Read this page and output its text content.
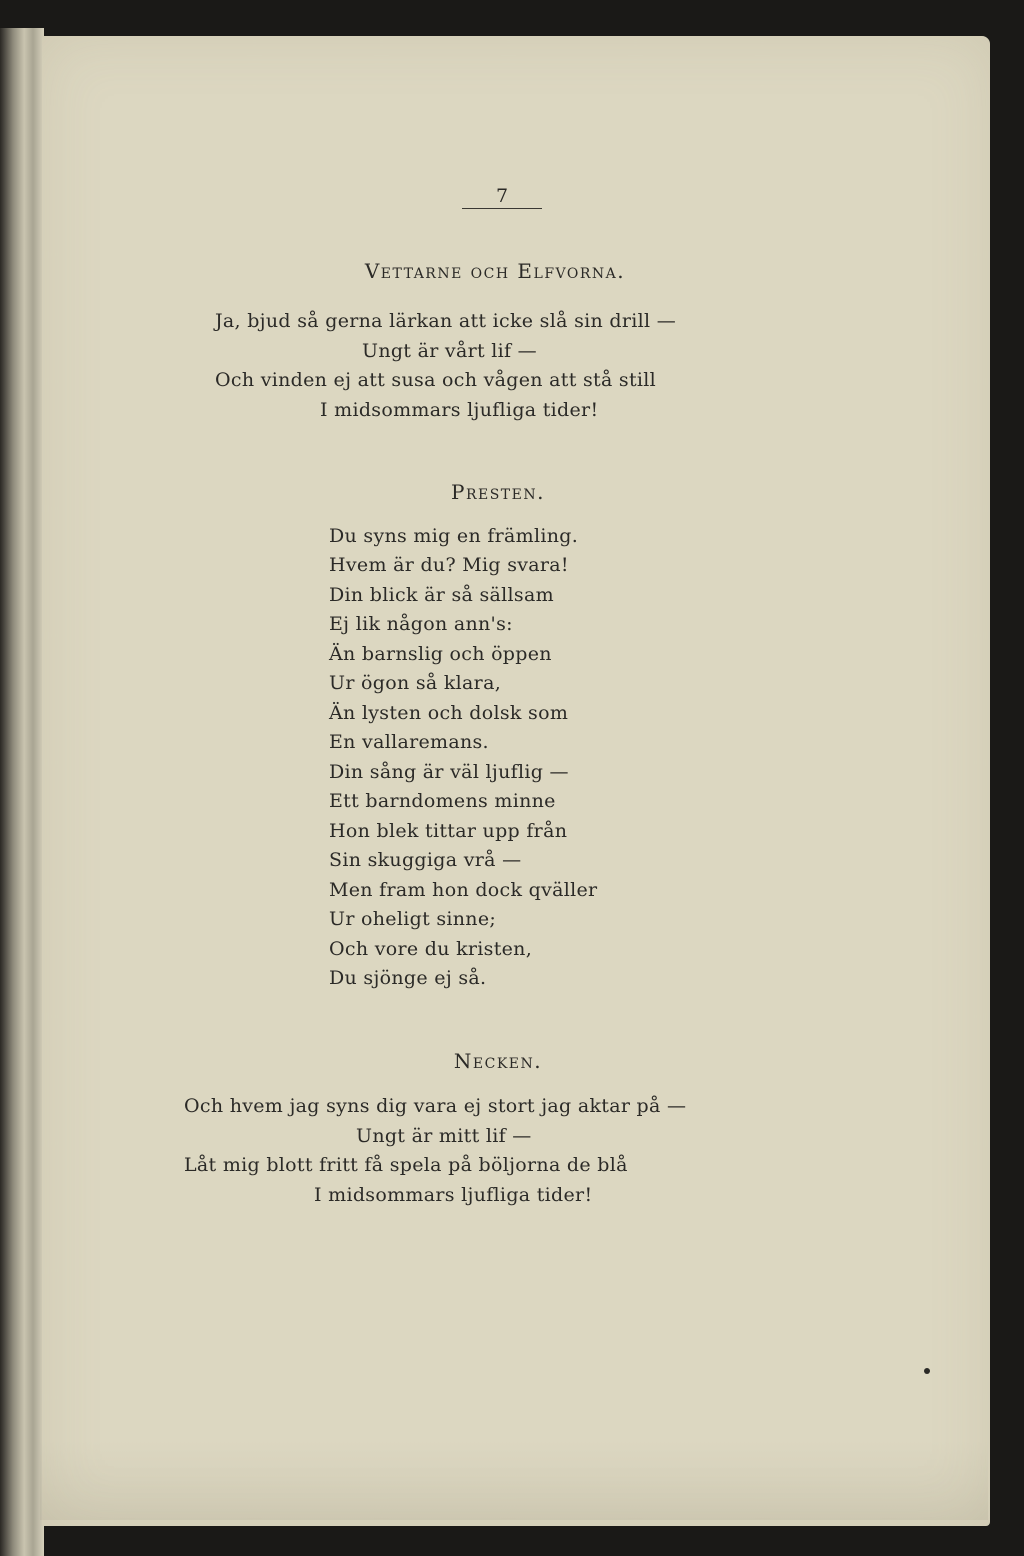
7
Vettarne och Elfvorna.
Ja, bjud så gerna lärkan att icke slå sin drill —
Ungt är vårt lif —
Och vinden ej att susa och vågen att stå still
I midsommars ljufliga tider!
Presten.
Du syns mig en främling.
Hvem är du? Mig svara!
Din blick är så sällsam
Ej lik någon ann's:
Än barnslig och öppen
Ur ögon så klara,
Än lysten och dolsk som
En vallaremans.
Din sång är väl ljuflig —
Ett barndomens minne
Hon blek tittar upp från
Sin skuggiga vrå —
Men fram hon dock qväller
Ur oheligt sinne;
Och vore du kristen,
Du sjönge ej så.
Necken.
Och hvem jag syns dig vara ej stort jag aktar på —
Ungt är mitt lif —
Låt mig blott fritt få spela på böljorna de blå
I midsommars ljufliga tider!
